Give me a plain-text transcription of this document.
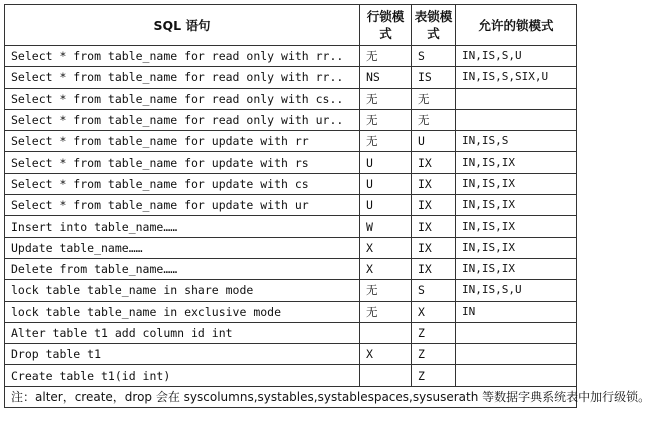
SQL 语句	行锁模式	表锁模式	允许的锁模式
Select * from table_name for read only with rr..	无	S	IN,IS,S,U
Select * from table_name for read only with rr..	NS	IS	IN,IS,S,SIX,U
Select * from table_name for read only with cs..	无	无	
Select * from table_name for read only with ur..	无	无	
Select * from table_name for update with rr	无	U	IN,IS,S
Select * from table_name for update with rs	U	IX	IN,IS,IX
Select * from table_name for update with cs	U	IX	IN,IS,IX
Select * from table_name for update with ur	U	IX	IN,IS,IX
Insert into table_name……	W	IX	IN,IS,IX
Update table_name……	X	IX	IN,IS,IX
Delete from table_name……	X	IX	IN,IS,IX
lock table table_name in share mode	无	S	IN,IS,S,U
lock table table_name in exclusive mode	无	X	IN
Alter table t1 add column id int		Z	
Drop table t1	X	Z	
Create table t1(id int)		Z	
注：alter，create，drop 会在 syscolumns,systables,systablespaces,sysuserath 等数据字典系统表中加行级锁。			
